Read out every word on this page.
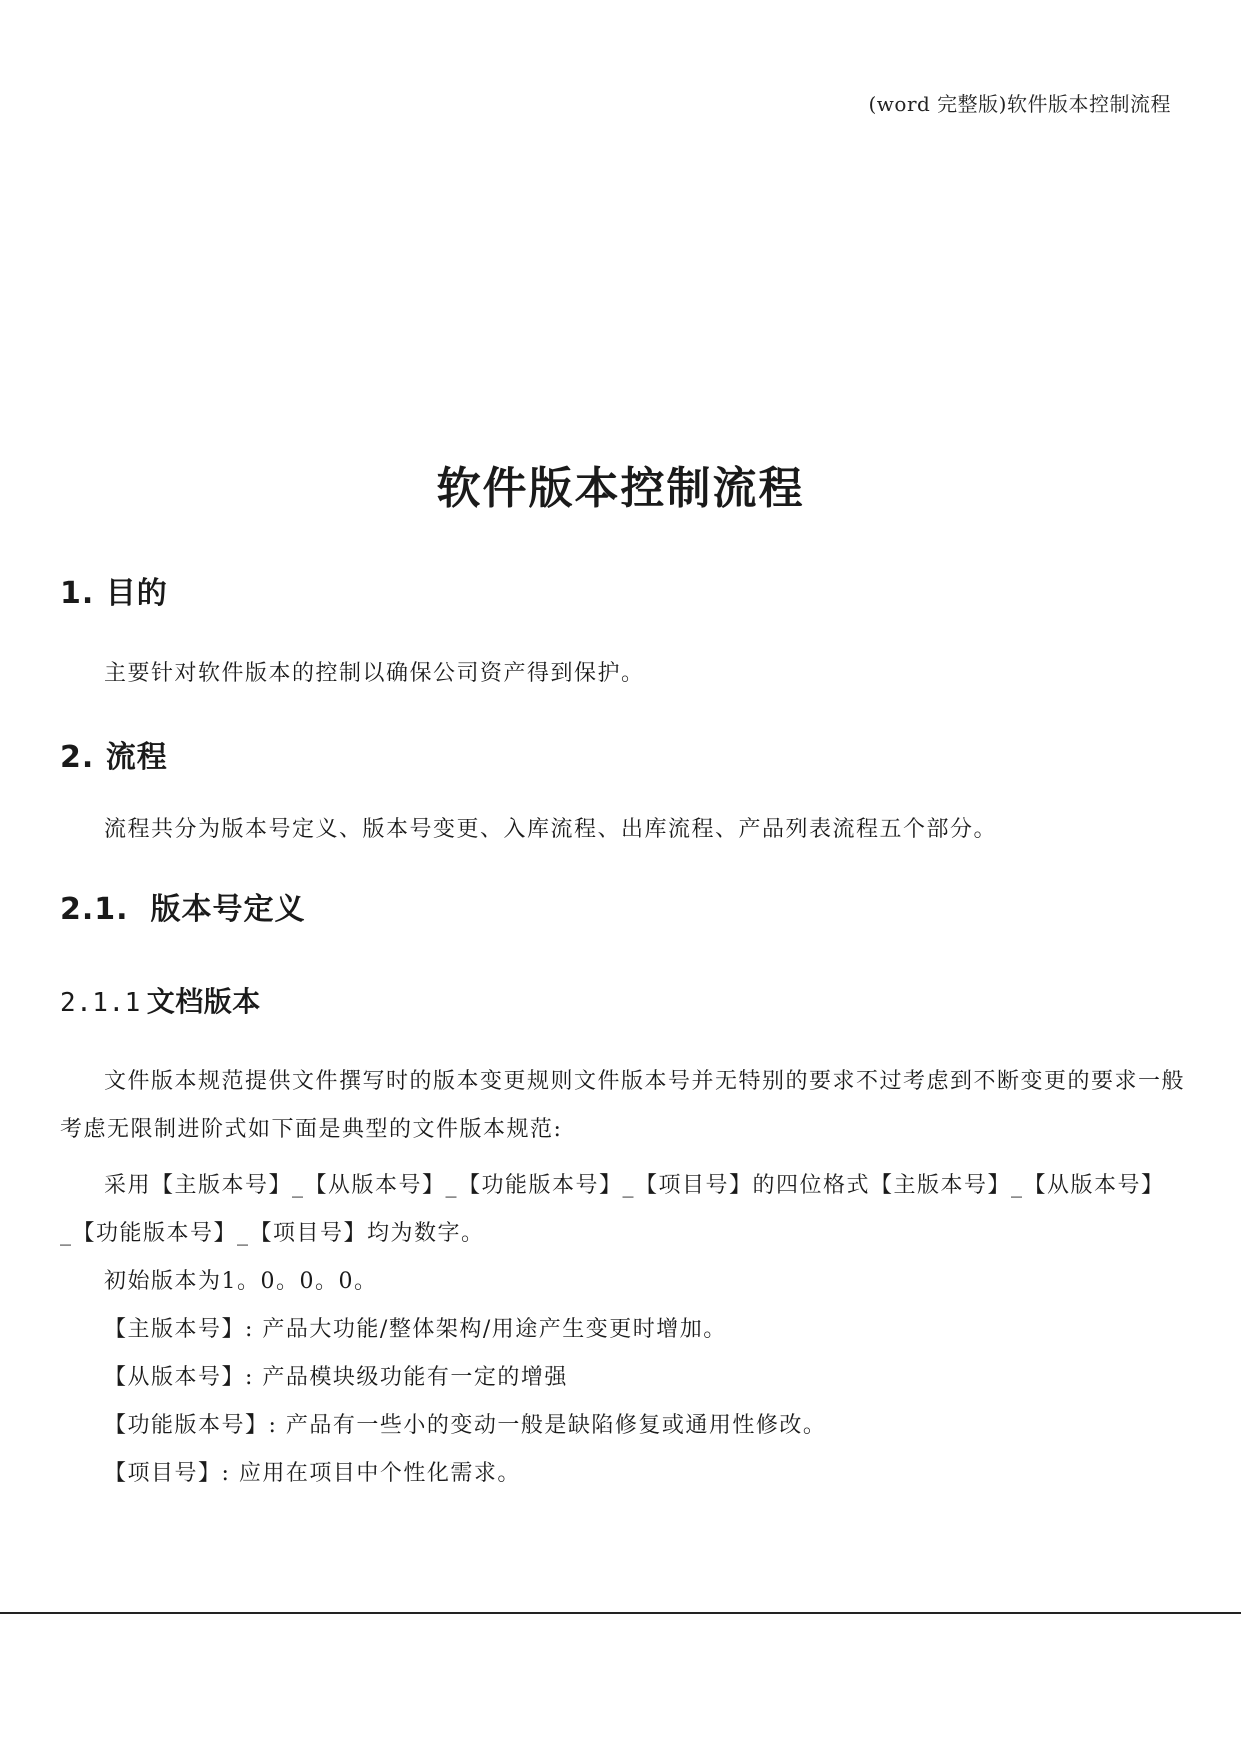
(word 完整版)软件版本控制流程
软件版本控制流程
1. 目的
主要针对软件版本的控制以确保公司资产得到保护。
2. 流程
流程共分为版本号定义、版本号变更、入库流程、出库流程、产品列表流程五个部分。
2.1. 版本号定义
2.1.1 文档版本
文件版本规范提供文件撰写时的版本变更规则文件版本号并无特别的要求不过考虑到不断变更的要求一般考虑无限制进阶式如下面是典型的文件版本规范:
采用【主版本号】_【从版本号】_【功能版本号】_【项目号】的四位格式【主版本号】_【从版本号】
_【功能版本号】_【项目号】均为数字。
初始版本为1。0。0。0。
【主版本号】: 产品大功能/整体架构/用途产生变更时增加。
【从版本号】: 产品模块级功能有一定的增强
【功能版本号】: 产品有一些小的变动一般是缺陷修复或通用性修改。
【项目号】: 应用在项目中个性化需求。
